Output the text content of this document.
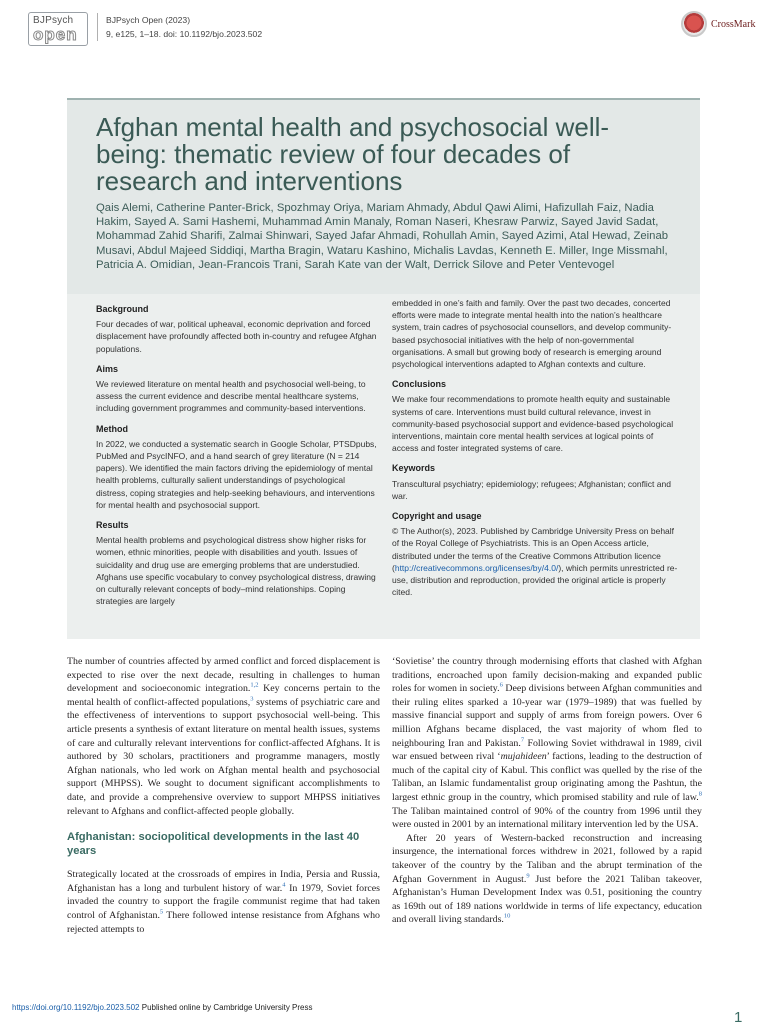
BJPsych
open
BJPsych Open (2023)
9, e125, 1–18. doi: 10.1192/bjo.2023.502
CrossMark
Afghan mental health and psychosocial well-being: thematic review of four decades of research and interventions
Qais Alemi, Catherine Panter-Brick, Spozhmay Oriya, Mariam Ahmady, Abdul Qawi Alimi, Hafizullah Faiz, Nadia Hakim, Sayed A. Sami Hashemi, Muhammad Amin Manaly, Roman Naseri, Khesraw Parwiz, Sayed Javid Sadat, Mohammad Zahid Sharifi, Zalmai Shinwari, Sayed Jafar Ahmadi, Rohullah Amin, Sayed Azimi, Atal Hewad, Zeinab Musavi, Abdul Majeed Siddiqi, Martha Bragin, Wataru Kashino, Michalis Lavdas, Kenneth E. Miller, Inge Missmahl, Patricia A. Omidian, Jean-Francois Trani, Sarah Kate van der Walt, Derrick Silove and Peter Ventevogel
Background

Four decades of war, political upheaval, economic deprivation and forced displacement have profoundly affected both in-country and refugee Afghan populations.

Aims

We reviewed literature on mental health and psychosocial well-being, to assess the current evidence and describe mental healthcare systems, including government programmes and community-based interventions.

Method

In 2022, we conducted a systematic search in Google Scholar, PTSDpubs, PubMed and PsycINFO, and a hand search of grey literature (N = 214 papers). We identified the main factors driving the epidemiology of mental health problems, culturally salient understandings of psychological distress, coping strategies and help-seeking behaviours, and interventions for mental health and psychosocial support.

Results

Mental health problems and psychological distress show higher risks for women, ethnic minorities, people with disabilities and youth. Issues of suicidality and drug use are emerging problems that are understudied. Afghans use specific vocabulary to convey psychological distress, drawing on culturally relevant concepts of body–mind relationships. Coping strategies are largely

embedded in one’s faith and family. Over the past two decades, concerted efforts were made to integrate mental health into the nation’s healthcare system, train cadres of psychosocial counsellors, and develop community-based psychosocial initiatives with the help of non-governmental organisations. A small but growing body of research is emerging around psychological interventions adapted to Afghan contexts and culture.

Conclusions

We make four recommendations to promote health equity and sustainable systems of care. Interventions must build cultural relevance, invest in community-based psychosocial support and evidence-based psychological interventions, maintain core mental health services at logical points of access and foster integrated systems of care.

Keywords

Transcultural psychiatry; epidemiology; refugees; Afghanistan; conflict and war.

Copyright and usage

© The Author(s), 2023. Published by Cambridge University Press on behalf of the Royal College of Psychiatrists. This is an Open Access article, distributed under the terms of the Creative Commons Attribution licence (http://creativecommons.org/licenses/by/4.0/), which permits unrestricted re-use, distribution and reproduction, provided the original article is properly cited.

The number of countries affected by armed conflict and forced displacement is expected to rise over the next decade, resulting in challenges to human development and socioeconomic integration.$^{1,2}$ Key concerns pertain to the mental health of conflict-affected populations,$^3$ systems of psychiatric care and the effectiveness of interventions to support psychosocial well-being. This article presents a synthesis of extant literature on mental health issues, systems of care and culturally relevant interventions for conflict-affected Afghans. It is authored by 30 scholars, practitioners and programme managers, mostly Afghan nationals, who led work on Afghan mental health and psychosocial support (MHPSS). We sought to document significant accomplishments to date, and provide a comprehensive overview to support MHPSS initiatives relevant to Afghans and conflict-affected people globally.

Afghanistan: sociopolitical developments in the last 40 years

Strategically located at the crossroads of empires in India, Persia and Russia, Afghanistan has a long and turbulent history of war.$^4$ In 1979, Soviet forces invaded the country to support the fragile communist regime that had taken control of Afghanistan.$^5$ There followed intense resistance from Afghans who rejected attempts to

‘Sovietise’ the country through modernising efforts that clashed with Afghan traditions, encroached upon family decision-making and expanded public roles for women in society.$^6$ Deep divisions between Afghan communities and their ruling elites sparked a 10-year war (1979–1989) that was fuelled by massive financial support and supply of arms from foreign powers. Over 6 million Afghans became displaced, the vast majority of whom fled to neighbouring Iran and Pakistan.$^7$ Following Soviet withdrawal in 1989, civil war ensued between rival ‘mujahideen’ factions, leading to the destruction of much of the capital city of Kabul. This conflict was quelled by the rise of the Taliban, an Islamic fundamentalist group originating among the Pashtun, the largest ethnic group in the country, which promised stability and rule of law.$^8$ The Taliban maintained control of 90% of the country from 1996 until they were ousted in 2001 by an international military intervention led by the USA.

After 20 years of Western-backed reconstruction and increasing insurgence, the international forces withdrew in 2021, followed by a rapid takeover of the country by the Taliban and the abrupt termination of the Afghan Government in August.$^9$ Just before the 2021 Taliban takeover, Afghanistan’s Human Development Index was 0.51, positioning the country as 169th out of 189 nations worldwide in terms of life expectancy, education and overall living standards.$^{10}$

https://doi.org/10.1192/bjo.2023.502 Published online by Cambridge University Press
1
